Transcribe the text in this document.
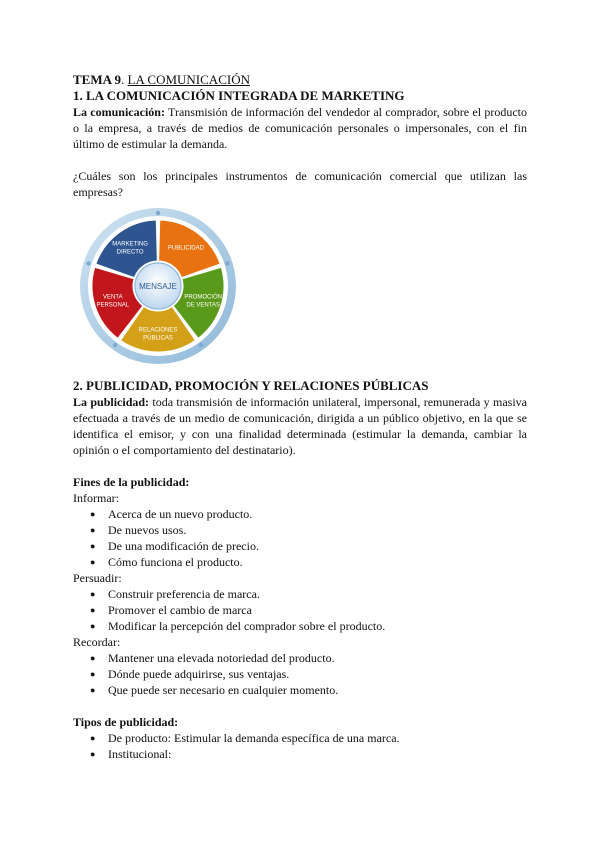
TEMA 9. LA COMUNICACIÓN

1. LA COMUNICACIÓN INTEGRADA DE MARKETING

La comunicación: Transmisión de información del vendedor al comprador, sobre el producto o la empresa, a través de medios de comunicación personales o impersonales, con el fin último de estimular la demanda.

¿Cuáles son los principales instrumentos de comunicación comercial que utilizan las empresas?

MENSAJE
PUBLICIDAD
PROMOCIÓN
DE VENTAS
RELACIONES
PÚBLICAS
VENTA
PERSONAL
MARKETING
DIRECTO

2. PUBLICIDAD, PROMOCIÓN Y RELACIONES PÚBLICAS

La publicidad: toda transmisión de información unilateral, impersonal, remunerada y masiva efectuada a través de un medio de comunicación, dirigida a un público objetivo, en la que se identifica el emisor, y con una finalidad determinada (estimular la demanda, cambiar la opinión o el comportamiento del destinatario).

Fines de la publicidad:

Informar:

● Acerca de un nuevo producto.
● De nuevos usos.
● De una modificación de precio.
● Cómo funciona el producto.

Persuadir:

● Construir preferencia de marca.
● Promover el cambio de marca
● Modificar la percepción del comprador sobre el producto.

Recordar:

● Mantener una elevada notoriedad del producto.
● Dónde puede adquirirse, sus ventajas.
● Que puede ser necesario en cualquier momento.

Tipos de publicidad:

● De producto: Estimular la demanda específica de una marca.
● Institucional:
